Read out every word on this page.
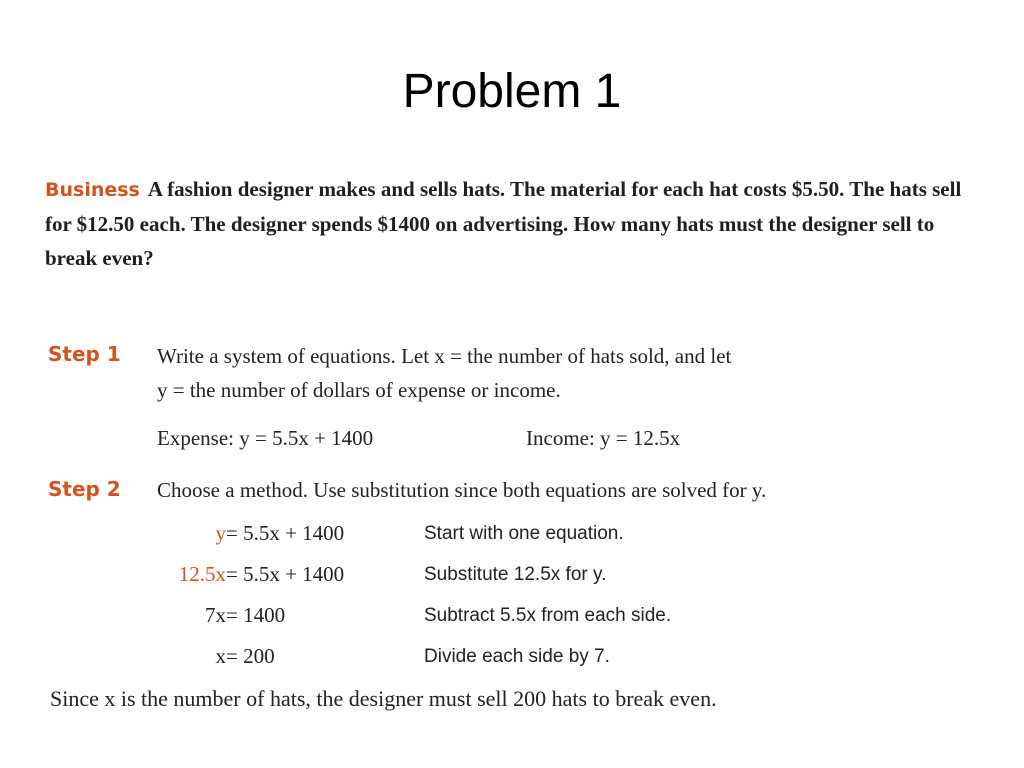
Problem 1
Business A fashion designer makes and sells hats. The material for each hat costs $5.50. The hats sell for $12.50 each. The designer spends $1400 on advertising. How many hats must the designer sell to break even?
Step 1 Write a system of equations. Let x = the number of hats sold, and let
y = the number of dollars of expense or income.
Expense: y = 5.5x + 1400	Income: y = 12.5x
Step 2 Choose a method. Use substitution since both equations are solved for y.
y = 5.5x + 1400	Start with one equation.
12.5x = 5.5x + 1400	Substitute 12.5x for y.
7x = 1400	Subtract 5.5x from each side.
x = 200	Divide each side by 7.
Since x is the number of hats, the designer must sell 200 hats to break even.
